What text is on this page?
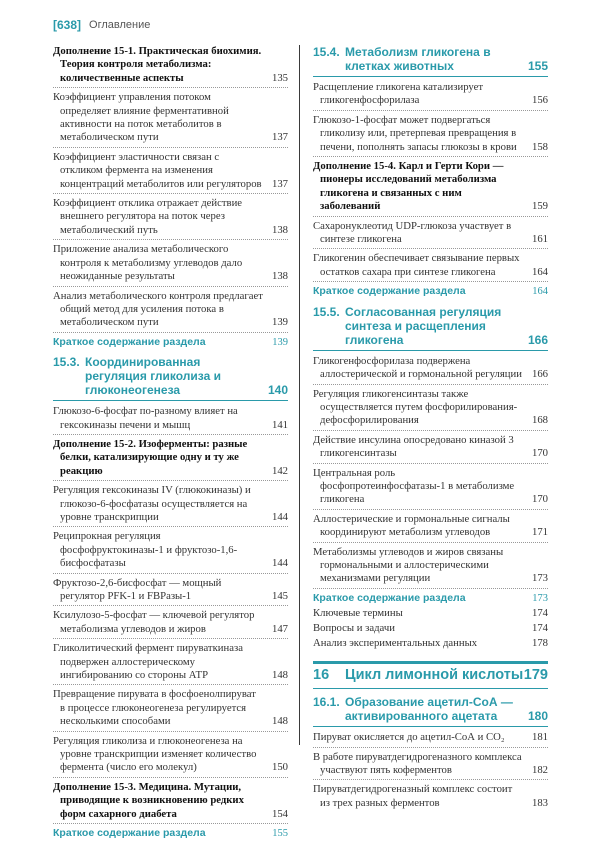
[638] Оглавление
Дополнение 15-1. Практическая биохимия. Теория контроля метаболизма: количественные аспекты	135
Коэффициент управления потоком определяет влияние ферментативной активности на поток метаболитов в метаболическом пути	137
Коэффициент эластичности связан с откликом фермента на изменения концентраций метаболитов или регуляторов 137
Коэффициент отклика отражает действие внешнего регулятора на поток через метаболический путь	138
Приложение анализа метаболического контроля к метаболизму углеводов дало неожиданные результаты	138
Анализ метаболического контроля предлагает общий метод для усиления потока в метаболическом пути	139
Краткое содержание раздела	139
15.3. Координированная регуляция гликолиза и глюконеогенеза	140
Глюкозо-6-фосфат по-разному влияет на гексокиназы печени и мышц	141
Дополнение 15-2. Изоферменты: разные белки, катализирующие одну и ту же реакцию	142
Регуляция гексокиназы IV (глюкокиназы) и глюкозо-6-фосфатазы осуществляется на уровне транскрипции	144
Реципрокная регуляция фосфофруктокиназы-1 и фруктозо-1,6-бисфосфатазы	144
Фруктозо-2,6-бисфосфат — мощный регулятор PFK-1 и FBPазы-1	145
Ксилулозо-5-фосфат — ключевой регулятор метаболизма углеводов и жиров	147
Гликолитический фермент пируваткиназа подвержен аллостерическому ингибированию со стороны АТР	148
Превращение пирувата в фосфоенолпируват в процессе глюконеогенеза регулируется несколькими способами	148
Регуляция гликолиза и глюконеогенеза на уровне транскрипции изменяет количество фермента (число его молекул)	150
Дополнение 15-3. Медицина. Мутации, приводящие к возникновению редких форм сахарного диабета	154
Краткое содержание раздела	155
15.4. Метаболизм гликогена в клетках животных	155
Расщепление гликогена катализирует гликогенфосфорилаза	156
Глюкозо-1-фосфат может подвергаться гликолизу или, претерпевая превращения в печени, пополнять запасы глюкозы в крови	158
Дополнение 15-4. Карл и Герти Кори — пионеры исследований метаболизма гликогена и связанных с ним заболеваний	159
Сахаронуклеотид UDP-глюкоза участвует в синтезе гликогена	161
Гликогенин обеспечивает связывание первых остатков сахара при синтезе гликогена	164
Краткое содержание раздела	164
15.5. Согласованная регуляция синтеза и расщепления гликогена	166
Гликогенфосфорилаза подвержена аллостерической и гормональной регуляции 166
Регуляция гликогенсинтазы также осуществляется путем фосфорилирования-дефосфорилирования	168
Действие инсулина опосредовано киназой 3 гликогенсинтазы	170
Центральная роль фосфопротеинфосфатазы-1 в метаболизме гликогена	170
Аллостерические и гормональные сигналы координируют метаболизм углеводов	171
Метаболизмы углеводов и жиров связаны гормональными и аллостерическими механизмами регуляции	173
Краткое содержание раздела	173
Ключевые термины	174
Вопросы и задачи	174
Анализ экспериментальных данных	178
16	Цикл лимонной кислоты 179
16.1. Образование ацетил-СоА — активированного ацетата	180
Пируват окисляется до ацетил-СоА и CO₂	181
В работе пируватдегидрогеназного комплекса участвуют пять коферментов	182
Пируватдегидрогеназный комплекс состоит из трех разных ферментов	183
